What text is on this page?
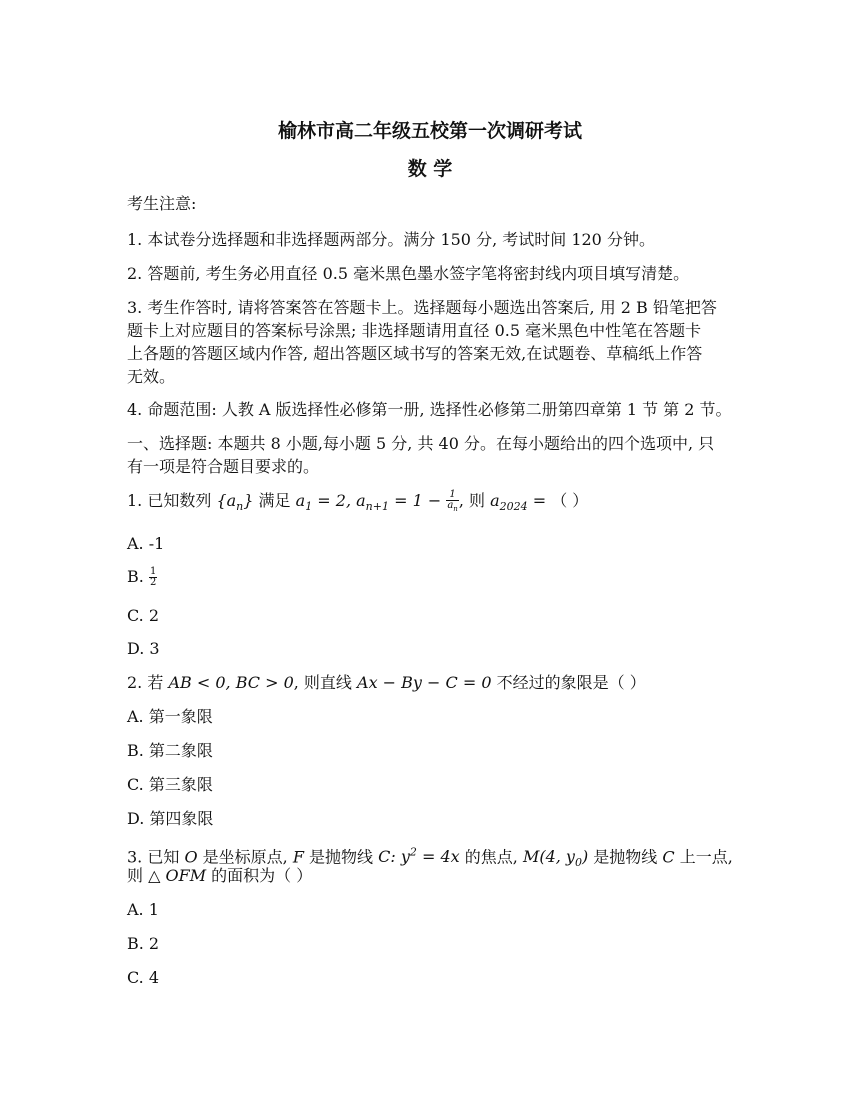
榆林市高二年级五校第一次调研考试
数 学
考生注意:
1. 本试卷分选择题和非选择题两部分。满分 150 分, 考试时间 120 分钟。
2. 答题前, 考生务必用直径 0.5 毫米黑色墨水签字笔将密封线内项目填写清楚。
3. 考生作答时, 请将答案答在答题卡上。选择题每小题选出答案后, 用 2 B 铅笔把答
题卡上对应题目的答案标号涂黑; 非选择题请用直径 0.5 毫米黑色中性笔在答题卡
上各题的答题区域内作答, 超出答题区域书写的答案无效,在试题卷、草稿纸上作答
无效。
4. 命题范围: 人教 A 版选择性必修第一册, 选择性必修第二册第四章第 1 节 第 2 节。
一、选择题: 本题共 8 小题,每小题 5 分, 共 40 分。在每小题给出的四个选项中, 只
有一项是符合题目要求的。
1. 已知数列 $\{a_n\}$ 满足 $a_1 = 2$, $a_{n+1} = 1 - \frac{1}{a_n}$ , 则 $a_{2024}$ = （ ）
A. -1
B. $\frac{1}{2}$
C. 2
D. 3
2. 若 AB < 0, BC > 0, 则直线 Ax − By − C = 0 不经过的象限是（ ）
A. 第一象限
B. 第二象限
C. 第三象限
D. 第四象限
3. 已知 O 是坐标原点, F 是抛物线 C: $y^2 = 4x$ 的焦点, M(4, $y_0$) 是抛物线 C 上一点,
则 △ OFM 的面积为（ ）
A. 1
B. 2
C. 4
